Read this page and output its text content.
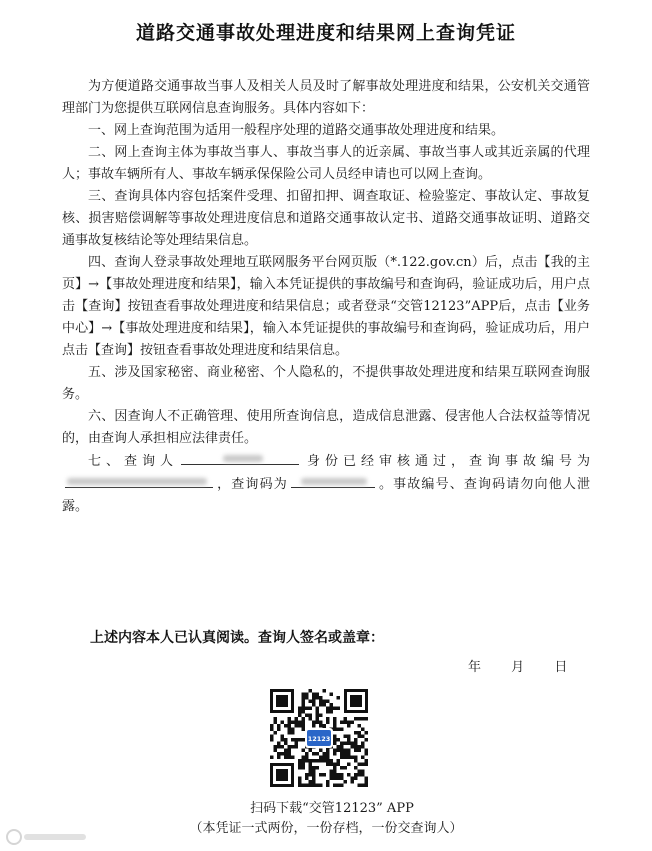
道路交通事故处理进度和结果网上查询凭证

为方便道路交通事故当事人及相关人员及时了解事故处理进度和结果，公安机关交通管理部门为您提供互联网信息查询服务。具体内容如下：

一、网上查询范围为适用一般程序处理的道路交通事故处理进度和结果。

二、网上查询主体为事故当事人、事故当事人的近亲属、事故当事人或其近亲属的代理人；事故车辆所有人、事故车辆承保保险公司人员经申请也可以网上查询。

三、查询具体内容包括案件受理、扣留扣押、调查取证、检验鉴定、事故认定、事故复核、损害赔偿调解等事故处理进度信息和道路交通事故认定书、道路交通事故证明、道路交通事故复核结论等处理结果信息。

四、查询人登录事故处理地互联网服务平台网页版（*.122.gov.cn）后，点击【我的主页】→【事故处理进度和结果】，输入本凭证提供的事故编号和查询码，验证成功后，用户点击【查询】按钮查看事故处理进度和结果信息；或者登录“交管12123”APP后，点击【业务中心】→【事故处理进度和结果】，输入本凭证提供的事故编号和查询码，验证成功后，用户点击【查询】按钮查看事故处理进度和结果信息。

五、涉及国家秘密、商业秘密、个人隐私的，不提供事故处理进度和结果互联网查询服务。

六、因查询人不正确管理、使用所查询信息，造成信息泄露、侵害他人合法权益等情况的，由查询人承担相应法律责任。

七、查询人	身份已经审核通过，查询事故编号为
，查询码为	。事故编号、查询码请勿向他人泄露。

上述内容本人已认真阅读。查询人签名或盖章：
年 月 日
12123
扫码下载“交管12123” APP
（本凭证一式两份，一份存档，一份交查询人）
